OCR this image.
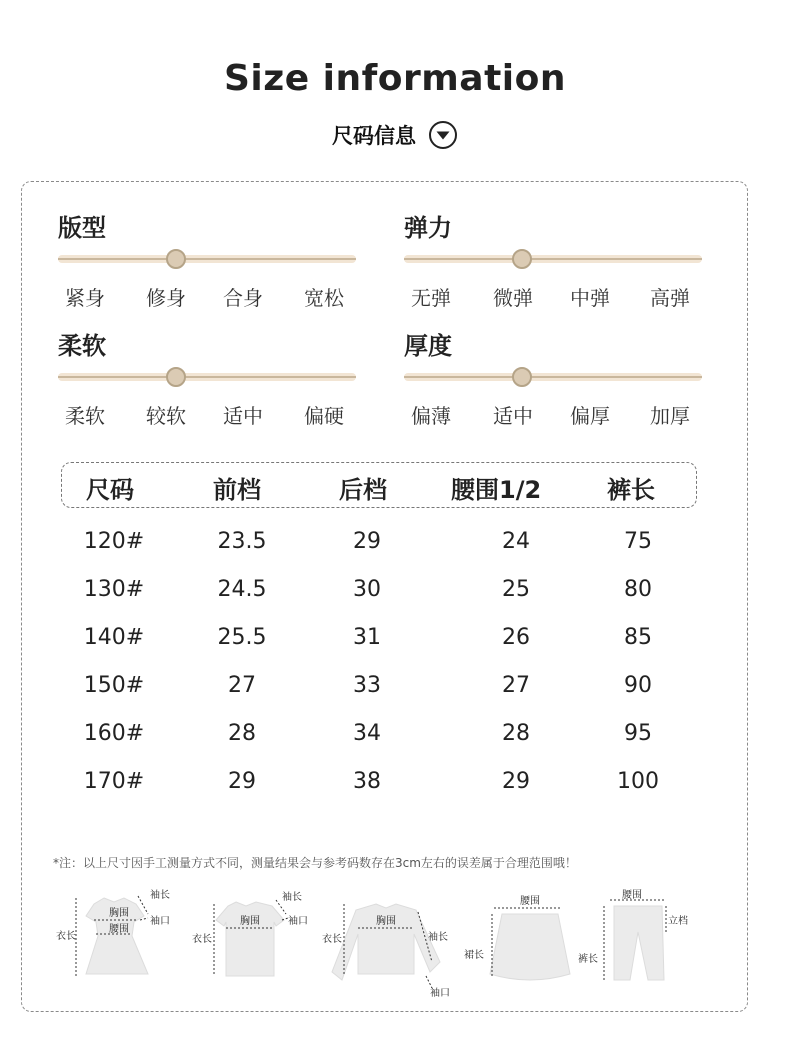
Size information
尺码信息
版型
紧身 修身 合身 宽松
弹力
无弹 微弹 中弹 高弹
柔软
柔软 较软 适中 偏硬
厚度
偏薄 适中 偏厚 加厚
尺码	前档	后档	腰围1/2	裤长
120#	23.5	29	24	75
130#	24.5	30	25	80
140#	25.5	31	26	85
150#	27	33	27	90
160#	28	34	28	95
170#	29	38	29	100
*注：以上尺寸因手工测量方式不同，测量结果会与参考码数存在3cm左右的误差属于合理范围哦！
衣长
胸围
腰围
袖长
袖口
衣长
胸围
袖长
袖口
衣长
胸围
袖长
袖口
腰围
裙长
腰围
立档
裤长
